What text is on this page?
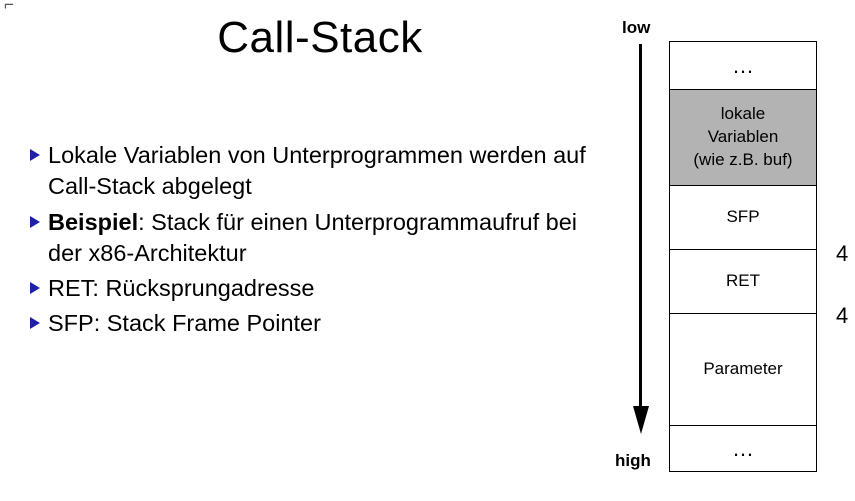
⌐
Call-Stack
Lokale Variablen von Unterprogrammen werden auf Call-Stack abgelegt
Beispiel: Stack für einen Unterprogrammaufruf bei der x86-Architektur
RET: Rücksprungadresse
SFP: Stack Frame Pointer
low
high
…
lokale
Variablen
(wie z.B. buf)
SFP
RET
Parameter
…
4
4
